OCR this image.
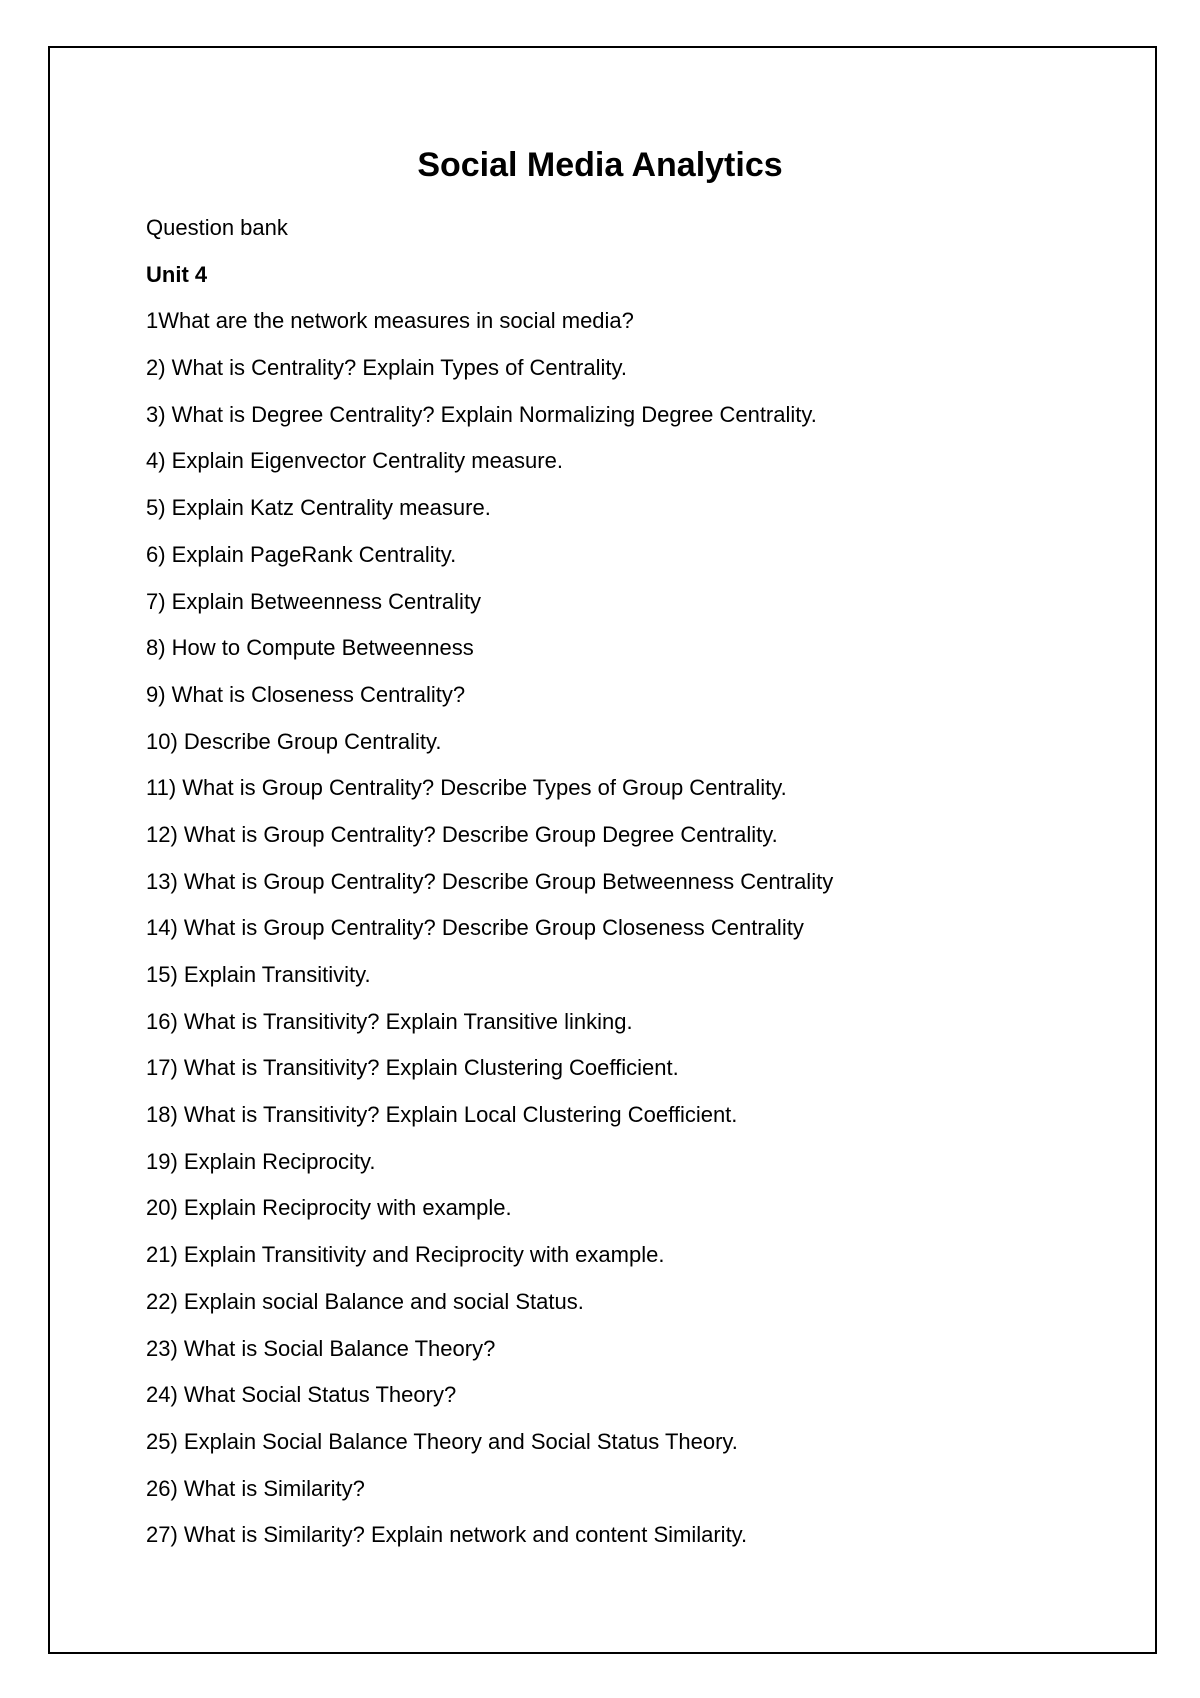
Social Media Analytics

Question bank

Unit 4

1What are the network measures in social media?
2) What is Centrality? Explain Types of Centrality.
3) What is Degree Centrality? Explain Normalizing Degree Centrality.
4) Explain Eigenvector Centrality measure.
5) Explain Katz Centrality measure.
6) Explain PageRank Centrality.
7) Explain Betweenness Centrality
8) How to Compute Betweenness
9) What is Closeness Centrality?
10) Describe Group Centrality.
11) What is Group Centrality? Describe Types of Group Centrality.
12) What is Group Centrality? Describe Group Degree Centrality.
13) What is Group Centrality? Describe Group Betweenness Centrality
14) What is Group Centrality? Describe Group Closeness Centrality
15) Explain Transitivity.
16) What is Transitivity? Explain Transitive linking.
17) What is Transitivity? Explain Clustering Coefficient.
18) What is Transitivity? Explain Local Clustering Coefficient.
19) Explain Reciprocity.
20) Explain Reciprocity with example.
21) Explain Transitivity and Reciprocity with example.
22) Explain social Balance and social Status.
23) What is Social Balance Theory?
24) What Social Status Theory?
25) Explain Social Balance Theory and Social Status Theory.
26) What is Similarity?
27) What is Similarity? Explain network and content Similarity.
